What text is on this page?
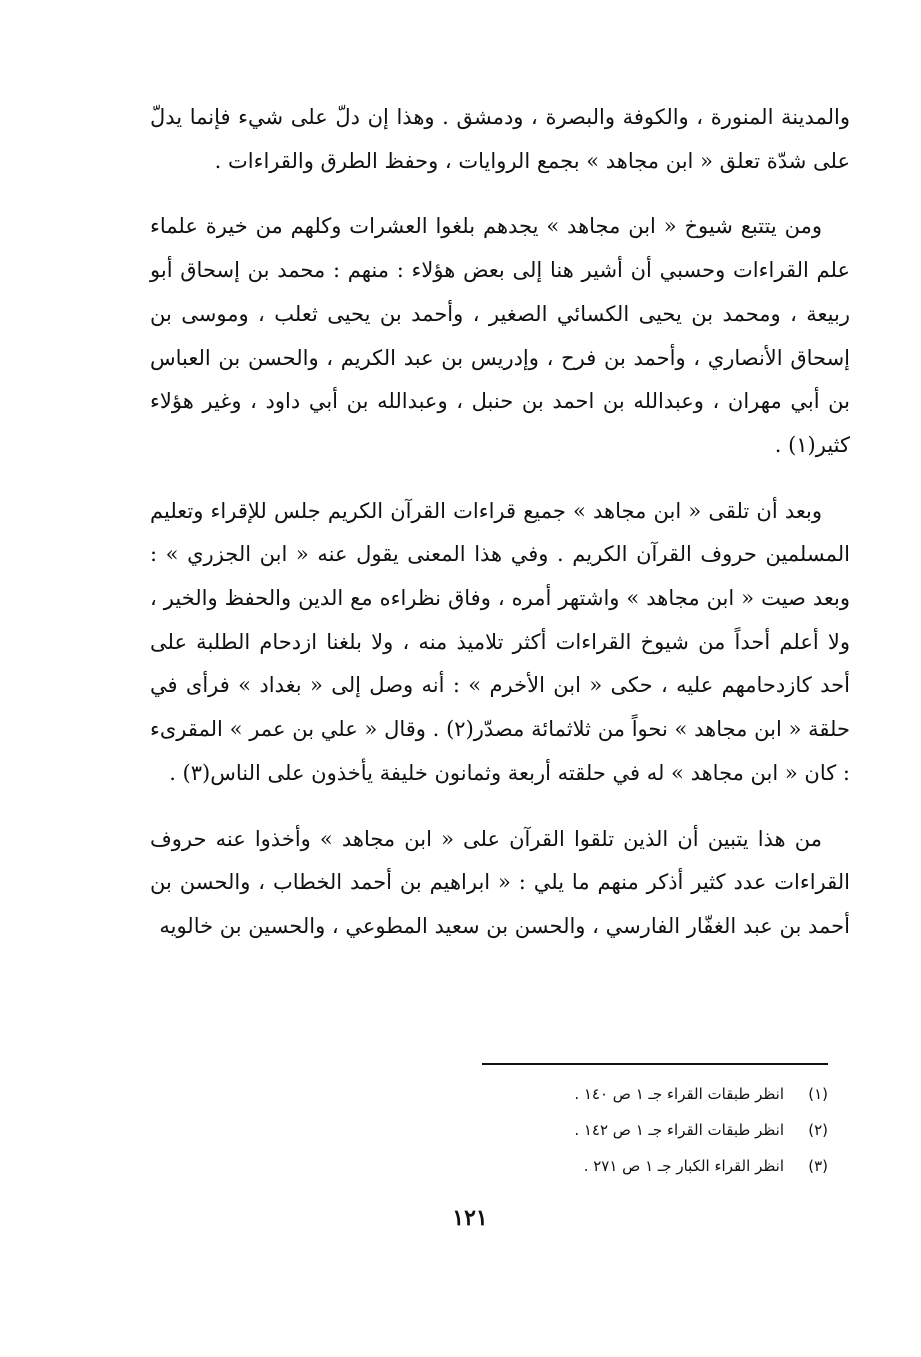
والمدينة المنورة ، والكوفة والبصرة ، ودمشق . وهذا إن دلّ على شيء فإنما يدلّ على شدّة تعلق « ابن مجاهد » بجمع الروايات ، وحفظ الطرق والقراءات .

ومن يتتبع شيوخ « ابن مجاهد » يجدهم بلغوا العشرات وكلهم من خيرة علماء علم القراءات وحسبي أن أشير هنا إلى بعض هؤلاء : منهم : محمد بن إسحاق أبو ربيعة ، ومحمد بن يحيى الكسائي الصغير ، وأحمد بن يحيى ثعلب ، وموسى بن إسحاق الأنصاري ، وأحمد بن فرح ، وإدريس بن عبد الكريم ، والحسن بن العباس بن أبي مهران ، وعبدالله بن احمد بن حنبل ، وعبدالله بن أبي داود ، وغير هؤلاء كثير(١) .

وبعد أن تلقى « ابن مجاهد » جميع قراءات القرآن الكريم جلس للإقراء وتعليم المسلمين حروف القرآن الكريم . وفي هذا المعنى يقول عنه « ابن الجزري » : وبعد صيت « ابن مجاهد » واشتهر أمره ، وفاق نظراءه مع الدين والحفظ والخير ، ولا أعلم أحداً من شيوخ القراءات أكثر تلاميذ منه ، ولا بلغنا ازدحام الطلبة على أحد كازدحامهم عليه ، حكى « ابن الأخرم » : أنه وصل إلى « بغداد » فرأى في حلقة « ابن مجاهد » نحواً من ثلاثمائة مصدّر(٢) . وقال « علي بن عمر » المقرىء : كان « ابن مجاهد » له في حلقته أربعة وثمانون خليفة يأخذون على الناس(٣) .

من هذا يتبين أن الذين تلقوا القرآن على « ابن مجاهد » وأخذوا عنه حروف القراءات عدد كثير أذكر منهم ما يلي : « ابراهيم بن أحمد الخطاب ، والحسن بن أحمد بن عبد الغفّار الفارسي ، والحسن بن سعيد المطوعي ، والحسين بن خالويه

(١)
انظر طبقات القراء جـ ١ ص ١٤٠ .
(٢)
انظر طبقات القراء جـ ١ ص ١٤٢ .
(٣)
انظر القراء الكبار جـ ١ ص ٢٧١ .
١٢١
